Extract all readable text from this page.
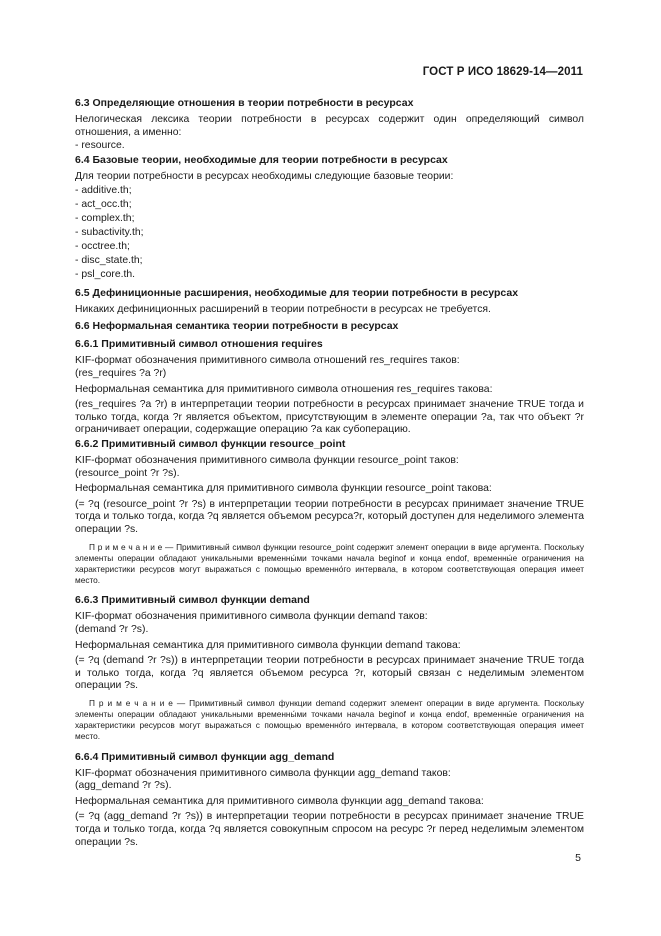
ГОСТ Р ИСО 18629-14—2011
6.3 Определяющие отношения в теории потребности в ресурсах

Нелогическая лексика теории потребности в ресурсах содержит один определяющий символ отношения, а именно:

- resource.

6.4 Базовые теории, необходимые для теории потребности в ресурсах

Для теории потребности в ресурсах необходимы следующие базовые теории:

- additive.th;

- act_occ.th;

- complex.th;

- subactivity.th;

- occtree.th;

- disc_state.th;

- psl_core.th.

6.5 Дефиниционные расширения, необходимые для теории потребности в ресурсах

Никаких дефиниционных расширений в теории потребности в ресурсах не требуется.

6.6 Неформальная семантика теории потребности в ресурсах
6.6.1 Примитивный символ отношения requires

KIF-формат обозначения примитивного символа отношений res_requires таков:

(res_requires ?a ?r)

Неформальная семантика для примитивного символа отношения res_requires такова:

(res_requires ?a ?r) в интерпретации теории потребности в ресурсах принимает значение TRUE тогда и только тогда, когда ?r является объектом, присутствующим в элементе операции ?a, так что объект ?r ограничивает операции, содержащие операцию ?a как субоперацию.

6.6.2 Примитивный символ функции resource_point

KIF-формат обозначения примитивного символа функции resource_point таков:

(resource_point ?r ?s).

Неформальная семантика для примитивного символа функции resource_point такова:

(= ?q (resource_point ?r ?s) в интерпретации теории потребности в ресурсах принимает значение TRUE тогда и только тогда, когда ?q является объемом ресурса?r, который доступен для неделимого элемента операции ?s.

П р и м е ч а н и е — Примитивный символ функции resource_point содержит элемент операции в виде аргумента. Поскольку элементы операции обладают уникальными временны́ми точками начала beginof и конца endof, временны́е ограничения на характеристики ресурсов могут выражаться с помощью временно́го интервала, в котором соответствующая операция имеет место.

6.6.3 Примитивный символ функции demand

KIF-формат обозначения примитивного символа функции demand таков:

(demand ?r ?s).

Неформальная семантика для примитивного символа функции demand такова:

(= ?q (demand ?r ?s)) в интерпретации теории потребности в ресурсах принимает значение TRUE тогда и только тогда, когда ?q является объемом ресурса ?r, который связан с неделимым элементом операции ?s.

П р и м е ч а н и е — Примитивный символ функции demand содержит элемент операции в виде аргумента. Поскольку элементы операции обладают уникальными временны́ми точками начала beginof и конца endof, временны́е ограничения на характеристики ресурсов могут выражаться с помощью временно́го интервала, в котором соответствующая операция имеет место.

6.6.4 Примитивный символ функции agg_demand

KIF-формат обозначения примитивного символа функции agg_demand таков:

(agg_demand ?r ?s).

Неформальная семантика для примитивного символа функции agg_demand такова:

(= ?q (agg_demand ?r ?s)) в интерпретации теории потребности в ресурсах принимает значение TRUE тогда и только тогда, когда ?q является совокупным спросом на ресурс ?r перед неделимым элементом операции ?s.

5
